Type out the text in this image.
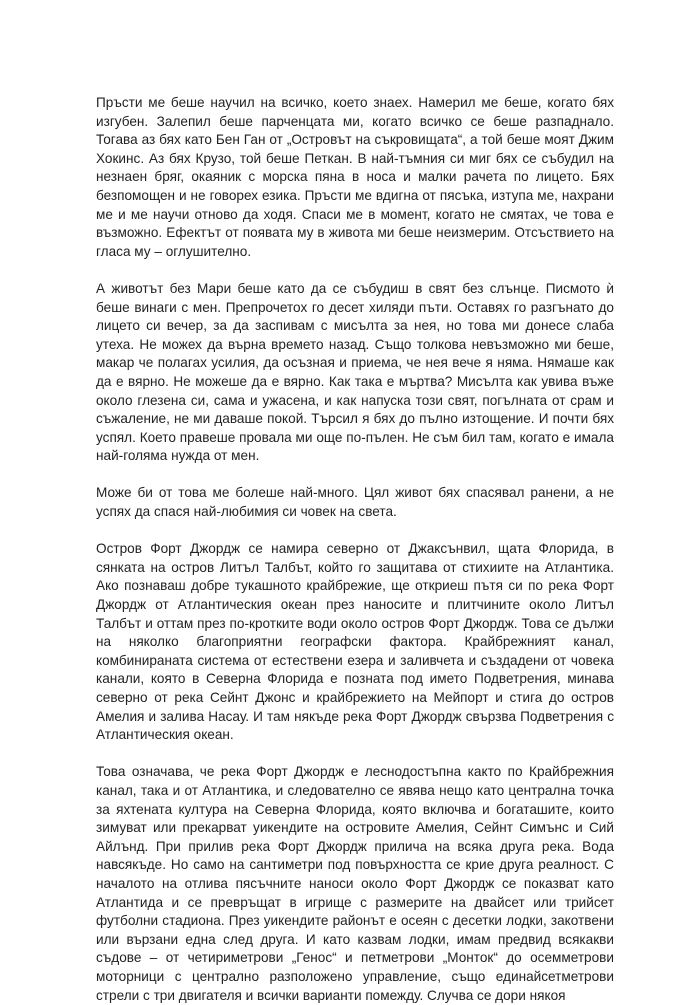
Пръсти ме беше научил на всичко, което знаех. Намерил ме беше, когато бях изгубен. Залепил беше парченцата ми, когато всичко се беше разпаднало. Тогава аз бях като Бен Ган от „Островът на съкровищата“, а той беше моят Джим Хокинс. Аз бях Крузо, той беше Петкан. В най-тъмния си миг бях се събудил на незнаен бряг, окаяник с морска пяна в носа и малки рачета по лицето. Бях безпомощен и не говорех езика. Пръсти ме вдигна от пясъка, изтупа ме, нахрани ме и ме научи отново да ходя. Спаси ме в момент, когато не смятах, че това е възможно. Ефектът от появата му в живота ми беше неизмерим. Отсъствието на гласа му – оглушително.

А животът без Мари беше като да се събудиш в свят без слънце. Писмото ѝ беше винаги с мен. Препрочетох го десет хиляди пъти. Оставях го разгънато до лицето си вечер, за да заспивам с мисълта за нея, но това ми донесе слаба утеха. Не можех да върна времето назад. Също толкова невъзможно ми беше, макар че полагах усилия, да осъзная и приема, че нея вече я няма. Нямаше как да е вярно. Не можеше да е вярно. Как така е мъртва? Мисълта как увива въже около глезена си, сама и ужасена, и как напуска този свят, погълната от срам и съжаление, не ми даваше покой. Търсил я бях до пълно изтощение. И почти бях успял. Което правеше провала ми още по-пълен. Не съм бил там, когато е имала най-голяма нужда от мен.

Може би от това ме болеше най-много. Цял живот бях спасявал ранени, а не успях да спася най-любимия си човек на света.

Остров Форт Джордж се намира северно от Джаксънвил, щата Флорида, в сянката на остров Литъл Талбът, който го защитава от стихиите на Атлантика. Ако познаваш добре тукашното крайбрежие, ще откриеш пътя си по река Форт Джордж от Атлантическия океан през наносите и плитчините около Литъл Талбът и оттам през по-кротките води около остров Форт Джордж. Това се дължи на няколко благоприятни географски фактора. Крайбрежният канал, комбинираната система от естествени езера и заливчета и създадени от човека канали, която в Северна Флорида е позната под името Подветрения, минава северно от река Сейнт Джонс и крайбрежието на Мейпорт и стига до остров Амелия и залива Насау. И там някъде река Форт Джордж свързва Подветрения с Атлантическия океан.

Това означава, че река Форт Джордж е леснодостъпна както по Крайбрежния канал, така и от Атлантика, и следователно се явява нещо като централна точка за яхтената култура на Северна Флорида, която включва и богаташите, които зимуват или прекарват уикендите на островите Амелия, Сейнт Симънс и Сий Айлънд. При прилив река Форт Джордж прилича на всяка друга река. Вода навсякъде. Но само на сантиметри под повърхността се крие друга реалност. С началото на отлива пясъчните наноси около Форт Джордж се показват като Атлантида и се превръщат в игрище с размерите на двайсет или трийсет футболни стадиона. През уикендите районът е осеян с десетки лодки, закотвени или вързани една след друга. И като казвам лодки, имам предвид всякакви съдове – от четириметрови „Генос“ и петметрови „Монток“ до осемметрови моторници с централно разположено управление, също единайсетметрови стрели с три двигателя и всички варианти помежду. Случва се дори някоя
